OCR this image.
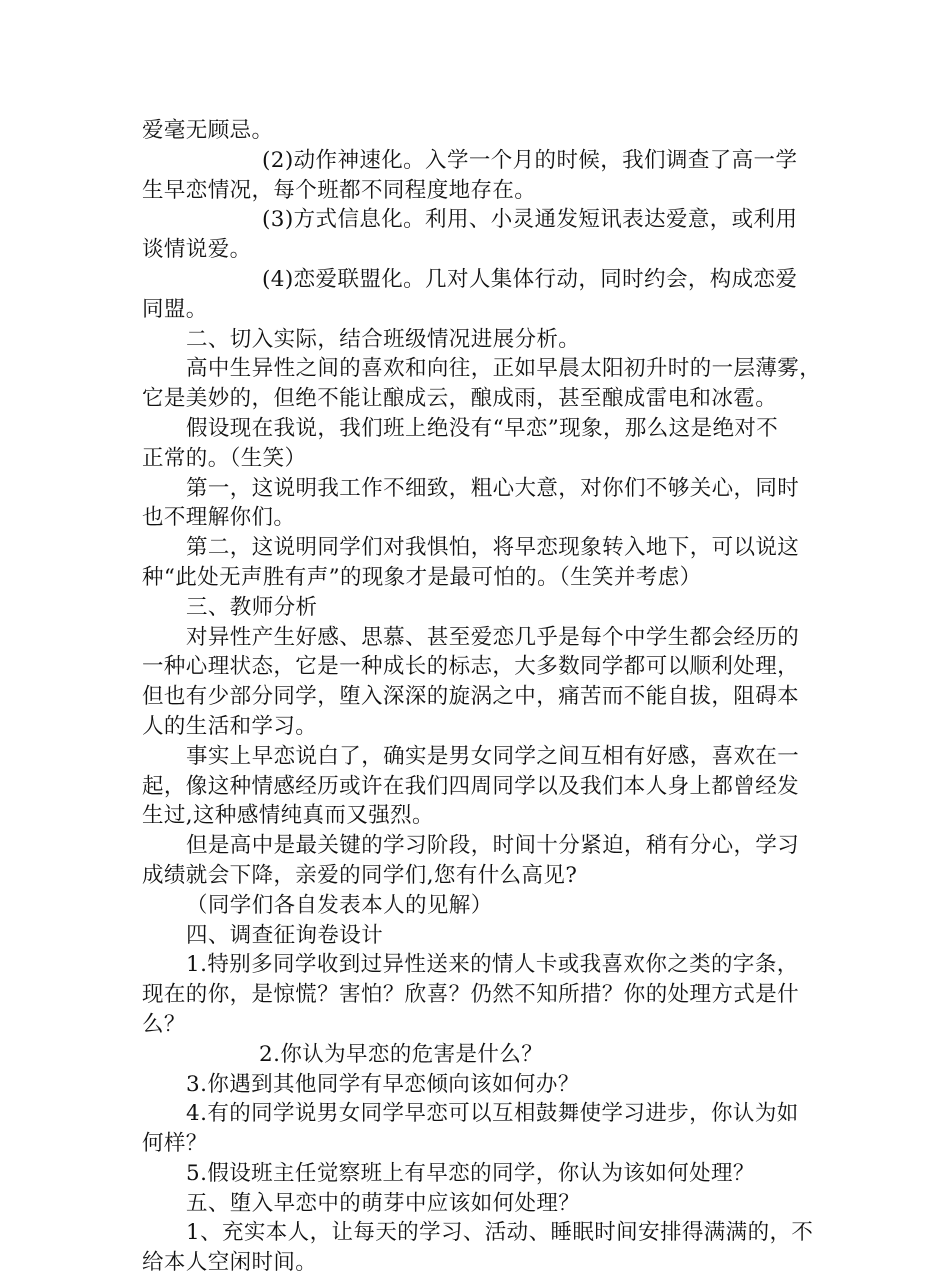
爱毫无顾忌。
(2)动作神速化。入学一个月的时候，我们调查了高一学
生早恋情况，每个班都不同程度地存在。
(3)方式信息化。利用、小灵通发短讯表达爱意，或利用
谈情说爱。
(4)恋爱联盟化。几对人集体行动，同时约会，构成恋爱
同盟。
二、切入实际，结合班级情况进展分析。
高中生异性之间的喜欢和向往，正如早晨太阳初升时的一层薄雾，
它是美妙的，但绝不能让酿成云，酿成雨，甚至酿成雷电和冰雹。
假设现在我说，我们班上绝没有“早恋”现象，那么这是绝对不
正常的。（生笑）
第一，这说明我工作不细致，粗心大意，对你们不够关心，同时
也不理解你们。
第二，这说明同学们对我惧怕，将早恋现象转入地下，可以说这
种“此处无声胜有声”的现象才是最可怕的。（生笑并考虑）
三、教师分析
对异性产生好感、思慕、甚至爱恋几乎是每个中学生都会经历的
一种心理状态，它是一种成长的标志，大多数同学都可以顺利处理，
但也有少部分同学，堕入深深的旋涡之中，痛苦而不能自拔，阻碍本
人的生活和学习。
事实上早恋说白了，确实是男女同学之间互相有好感，喜欢在一
起，像这种情感经历或许在我们四周同学以及我们本人身上都曾经发
生过,这种感情纯真而又强烈。
但是高中是最关键的学习阶段，时间十分紧迫，稍有分心，学习
成绩就会下降，亲爱的同学们,您有什么高见?
（同学们各自发表本人的见解）
四、调查征询卷设计
1.特别多同学收到过异性送来的情人卡或我喜欢你之类的字条，
现在的你，是惊慌？害怕？欣喜？仍然不知所措？你的处理方式是什
么？
2.你认为早恋的危害是什么？
3.你遇到其他同学有早恋倾向该如何办？
4.有的同学说男女同学早恋可以互相鼓舞使学习进步，你认为如
何样？
5.假设班主任觉察班上有早恋的同学，你认为该如何处理？
五、堕入早恋中的萌芽中应该如何处理？
1、充实本人，让每天的学习、活动、睡眠时间安排得满满的，不
给本人空闲时间。
